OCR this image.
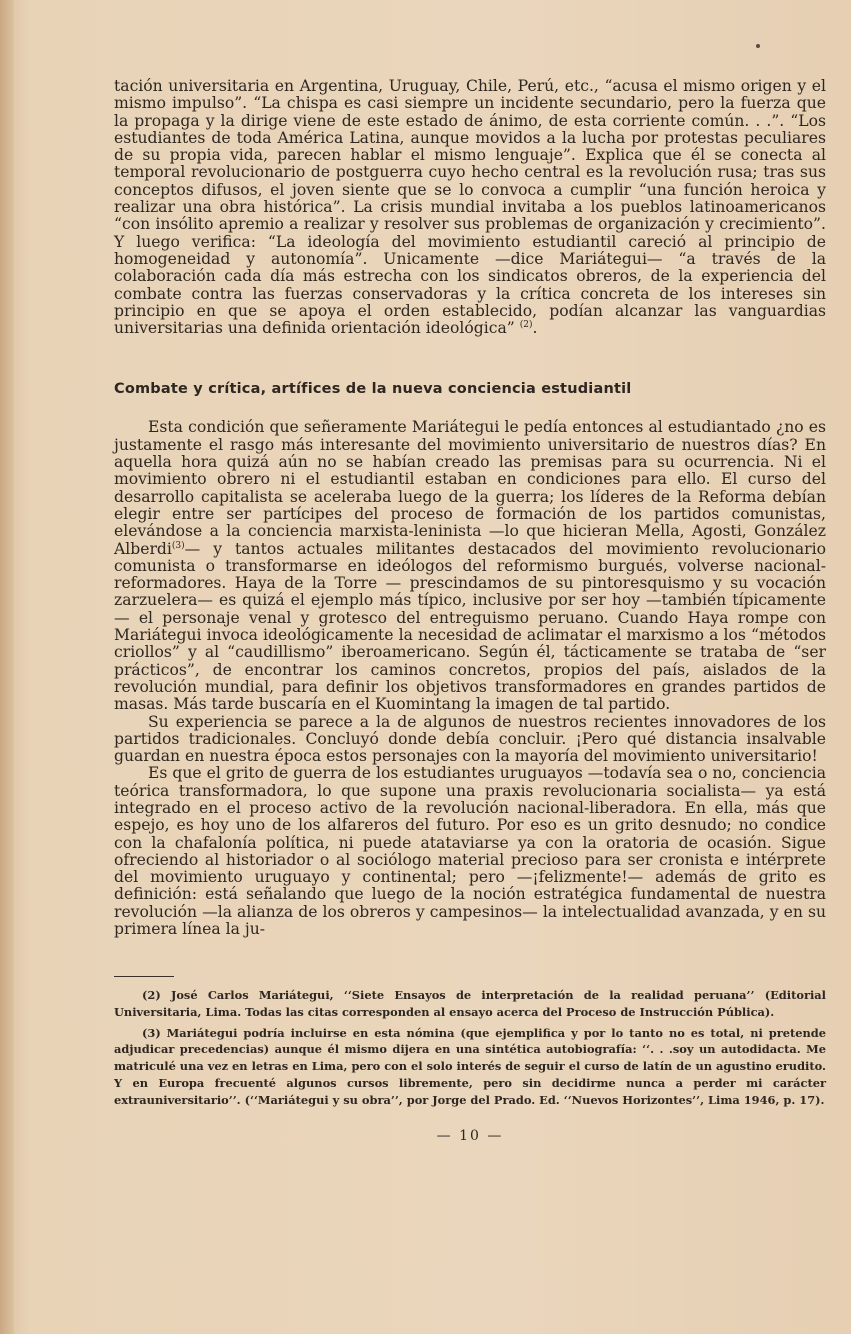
tación universitaria en Argentina, Uruguay, Chile, Perú, etc., “acusa el mismo origen y el mismo impulso”. “La chispa es casi siempre un incidente secundario, pero la fuerza que la propaga y la dirige viene de este estado de ánimo, de esta corriente común. . .”. “Los estudiantes de toda América Latina, aunque movidos a la lucha por protestas peculiares de su propia vida, parecen hablar el mismo lenguaje”. Explica que él se conecta al temporal revolucionario de postguerra cuyo hecho central es la revolución rusa; tras sus conceptos difusos, el joven siente que se lo convoca a cumplir “una función heroica y realizar una obra histórica”. La crisis mundial invitaba a los pueblos latinoamericanos “con insólito apremio a realizar y resolver sus problemas de organización y crecimiento”. Y luego verifica: “La ideología del movimiento estudiantil careció al principio de homogeneidad y autonomía”. Unicamente —dice Mariátegui— “a través de la colaboración cada día más estrecha con los sindicatos obreros, de la experiencia del combate contra las fuerzas conservadoras y la crítica concreta de los intereses sin principio en que se apoya el orden establecido, podían alcanzar las vanguardias universitarias una definida orientación ideológica” $^{(2)}$.

Combate y crítica, artífices de la nueva conciencia estudiantil

Esta condición que señeramente Mariátegui le pedía entonces al estudiantado ¿no es justamente el rasgo más interesante del movimiento universitario de nuestros días? En aquella hora quizá aún no se habían creado las premisas para su ocurrencia. Ni el movimiento obrero ni el estudiantil estaban en condiciones para ello. El curso del desarrollo capitalista se aceleraba luego de la guerra; los líderes de la Reforma debían elegir entre ser partícipes del proceso de formación de los partidos comunistas, elevándose a la conciencia marxista-leninista —lo que hicieran Mella, Agosti, González Alberdi$^{(3)}$— y tantos actuales militantes destacados del movimiento revolucionario comunista o transformarse en ideólogos del reformismo burgués, volverse nacional-reformadores. Haya de la Torre — prescindamos de su pintoresquismo y su vocación zarzuelera— es quizá el ejemplo más típico, inclusive por ser hoy —también típicamente— el personaje venal y grotesco del entreguismo peruano. Cuando Haya rompe con Mariátegui invoca ideológicamente la necesidad de aclimatar el marxismo a los “métodos criollos” y al “caudillismo” iberoamericano. Según él, tácticamente se trataba de “ser prácticos”, de encontrar los caminos concretos, propios del país, aislados de la revolución mundial, para definir los objetivos transformadores en grandes partidos de masas. Más tarde buscaría en el Kuomintang la imagen de tal partido.

Su experiencia se parece a la de algunos de nuestros recientes innovadores de los partidos tradicionales. Concluyó donde debía concluir. ¡Pero qué distancia insalvable guardan en nuestra época estos personajes con la mayoría del movimiento universitario!

Es que el grito de guerra de los estudiantes uruguayos —todavía sea o no, conciencia teórica transformadora, lo que supone una praxis revolucionaria socialista— ya está integrado en el proceso activo de la revolución nacional-liberadora. En ella, más que espejo, es hoy uno de los alfareros del futuro. Por eso es un grito desnudo; no condice con la chafalonía política, ni puede atataviarse ya con la oratoria de ocasión. Sigue ofreciendo al historiador o al sociólogo material precioso para ser cronista e intérprete del movimiento uruguayo y continental; pero —¡felizmente!— además de grito es definición: está señalando que luego de la noción estratégica fundamental de nuestra revolución —la alianza de los obreros y campesinos— la intelectualidad avanzada, y en su primera línea la ju-

(2) José Carlos Mariátegui, ‘‘Siete Ensayos de interpretación de la realidad peruana’’ (Editorial Universitaria, Lima. Todas las citas corresponden al ensayo acerca del Proceso de Instrucción Pública).

(3) Mariátegui podría incluirse en esta nómina (que ejemplifica y por lo tanto no es total, ni pretende adjudicar precedencias) aunque él mismo dijera en una sintética autobiografía: ‘‘. . .soy un autodidacta. Me matriculé una vez en letras en Lima, pero con el solo interés de seguir el curso de latín de un agustino erudito. Y en Europa frecuenté algunos cursos libremente, pero sin decidirme nunca a perder mi carácter extrauniversitario’’. (‘‘Mariátegui y su obra’’, por Jorge del Prado. Ed. ‘‘Nuevos Horizontes’’, Lima 1946, p. 17).

— 10 —
